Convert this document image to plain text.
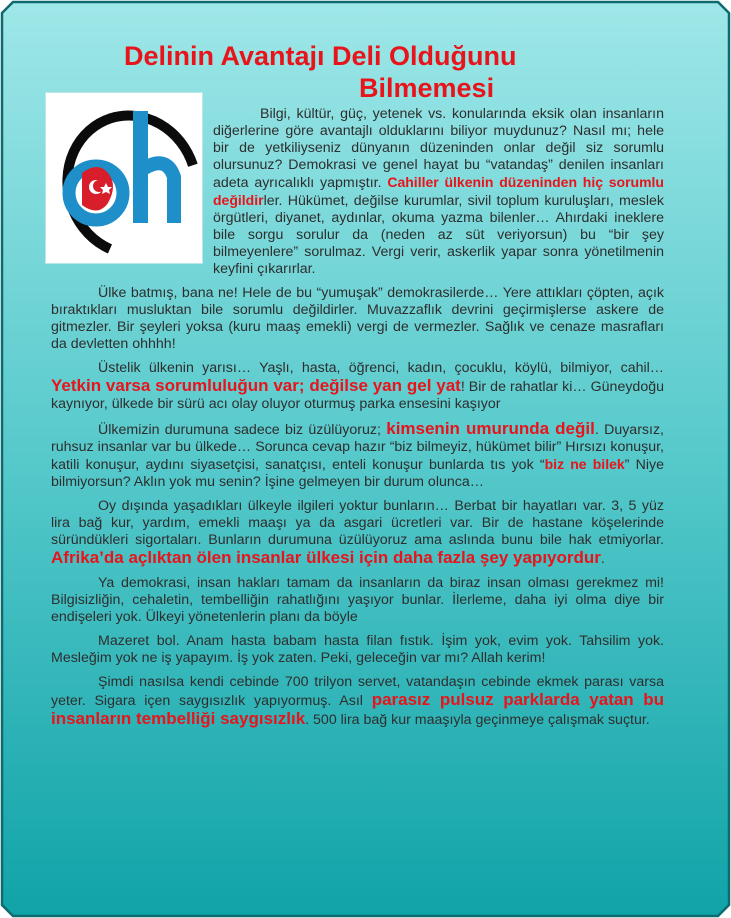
Delinin Avantajı Deli Olduğunu
Bilmemesi

Bilgi, kültür, güç, yetenek vs. konularında eksik olan insanların diğerlerine göre avantajlı olduklarını biliyor muydunuz? Nasıl mı; hele bir de yetkiliyseniz dünyanın düzeninden onlar değil siz sorumlu olursunuz? Demokrasi ve genel hayat bu “vatandaş” denilen insanları adeta ayrıcalıklı yapmıştır. Cahiller ülkenin düzeninden hiç sorumlu değildirler. Hükümet, değilse kurumlar, sivil toplum kuruluşları, meslek örgütleri, diyanet, aydınlar, okuma yazma bilenler… Ahırdaki ineklere bile sorgu sorulur da (neden az süt veriyorsun) bu “bir şey bilmeyenlere” sorulmaz. Vergi verir, askerlik yapar sonra yönetilmenin keyfini çıkarırlar.

Ülke batmış, bana ne! Hele de bu “yumuşak” demokrasilerde… Yere attıkları çöpten, açık bıraktıkları musluktan bile sorumlu değildirler. Muvazzaflık devrini geçirmişlerse askere de gitmezler. Bir şeyleri yoksa (kuru maaş emekli) vergi de vermezler. Sağlık ve cenaze masrafları da devletten ohhhh!

Üstelik ülkenin yarısı… Yaşlı, hasta, öğrenci, kadın, çocuklu, köylü, bilmiyor, cahil… Yetkin varsa sorumluluğun var; değilse yan gel yat! Bir de rahatlar ki… Güneydoğu kaynıyor, ülkede bir sürü acı olay oluyor oturmuş parka ensesini kaşıyor

Ülkemizin durumuna sadece biz üzülüyoruz; kimsenin umurunda değil. Duyarsız, ruhsuz insanlar var bu ülkede… Sorunca cevap hazır “biz bilmeyiz, hükümet bilir” Hırsızı konuşur, katili konuşur, aydını siyasetçisi, sanatçısı, enteli konuşur bunlarda tıs yok “biz ne bilek” Niye bilmiyorsun? Aklın yok mu senin? İşine gelmeyen bir durum olunca…

Oy dışında yaşadıkları ülkeyle ilgileri yoktur bunların… Berbat bir hayatları var. 3, 5 yüz lira bağ kur, yardım, emekli maaşı ya da asgari ücretleri var. Bir de hastane köşelerinde süründükleri sigortaları. Bunların durumuna üzülüyoruz ama aslında bunu bile hak etmiyorlar. Afrika’da açlıktan ölen insanlar ülkesi için daha fazla şey yapıyordur.

Ya demokrasi, insan hakları tamam da insanların da biraz insan olması gerekmez mi! Bilgisizliğin, cehaletin, tembelliğin rahatlığını yaşıyor bunlar. İlerleme, daha iyi olma diye bir endişeleri yok. Ülkeyi yönetenlerin planı da böyle

Mazeret bol. Anam hasta babam hasta filan fıstık. İşim yok, evim yok. Tahsilim yok. Mesleğim yok ne iş yapayım. İş yok zaten. Peki, geleceğin var mı? Allah kerim!

Şimdi nasılsa kendi cebinde 700 trilyon servet, vatandaşın cebinde ekmek parası varsa yeter. Sigara içen saygısızlık yapıyormuş. Asıl parasız pulsuz parklarda yatan bu insanların tembelliği saygısızlık. 500 lira bağ kur maaşıyla geçinmeye çalışmak suçtur.
